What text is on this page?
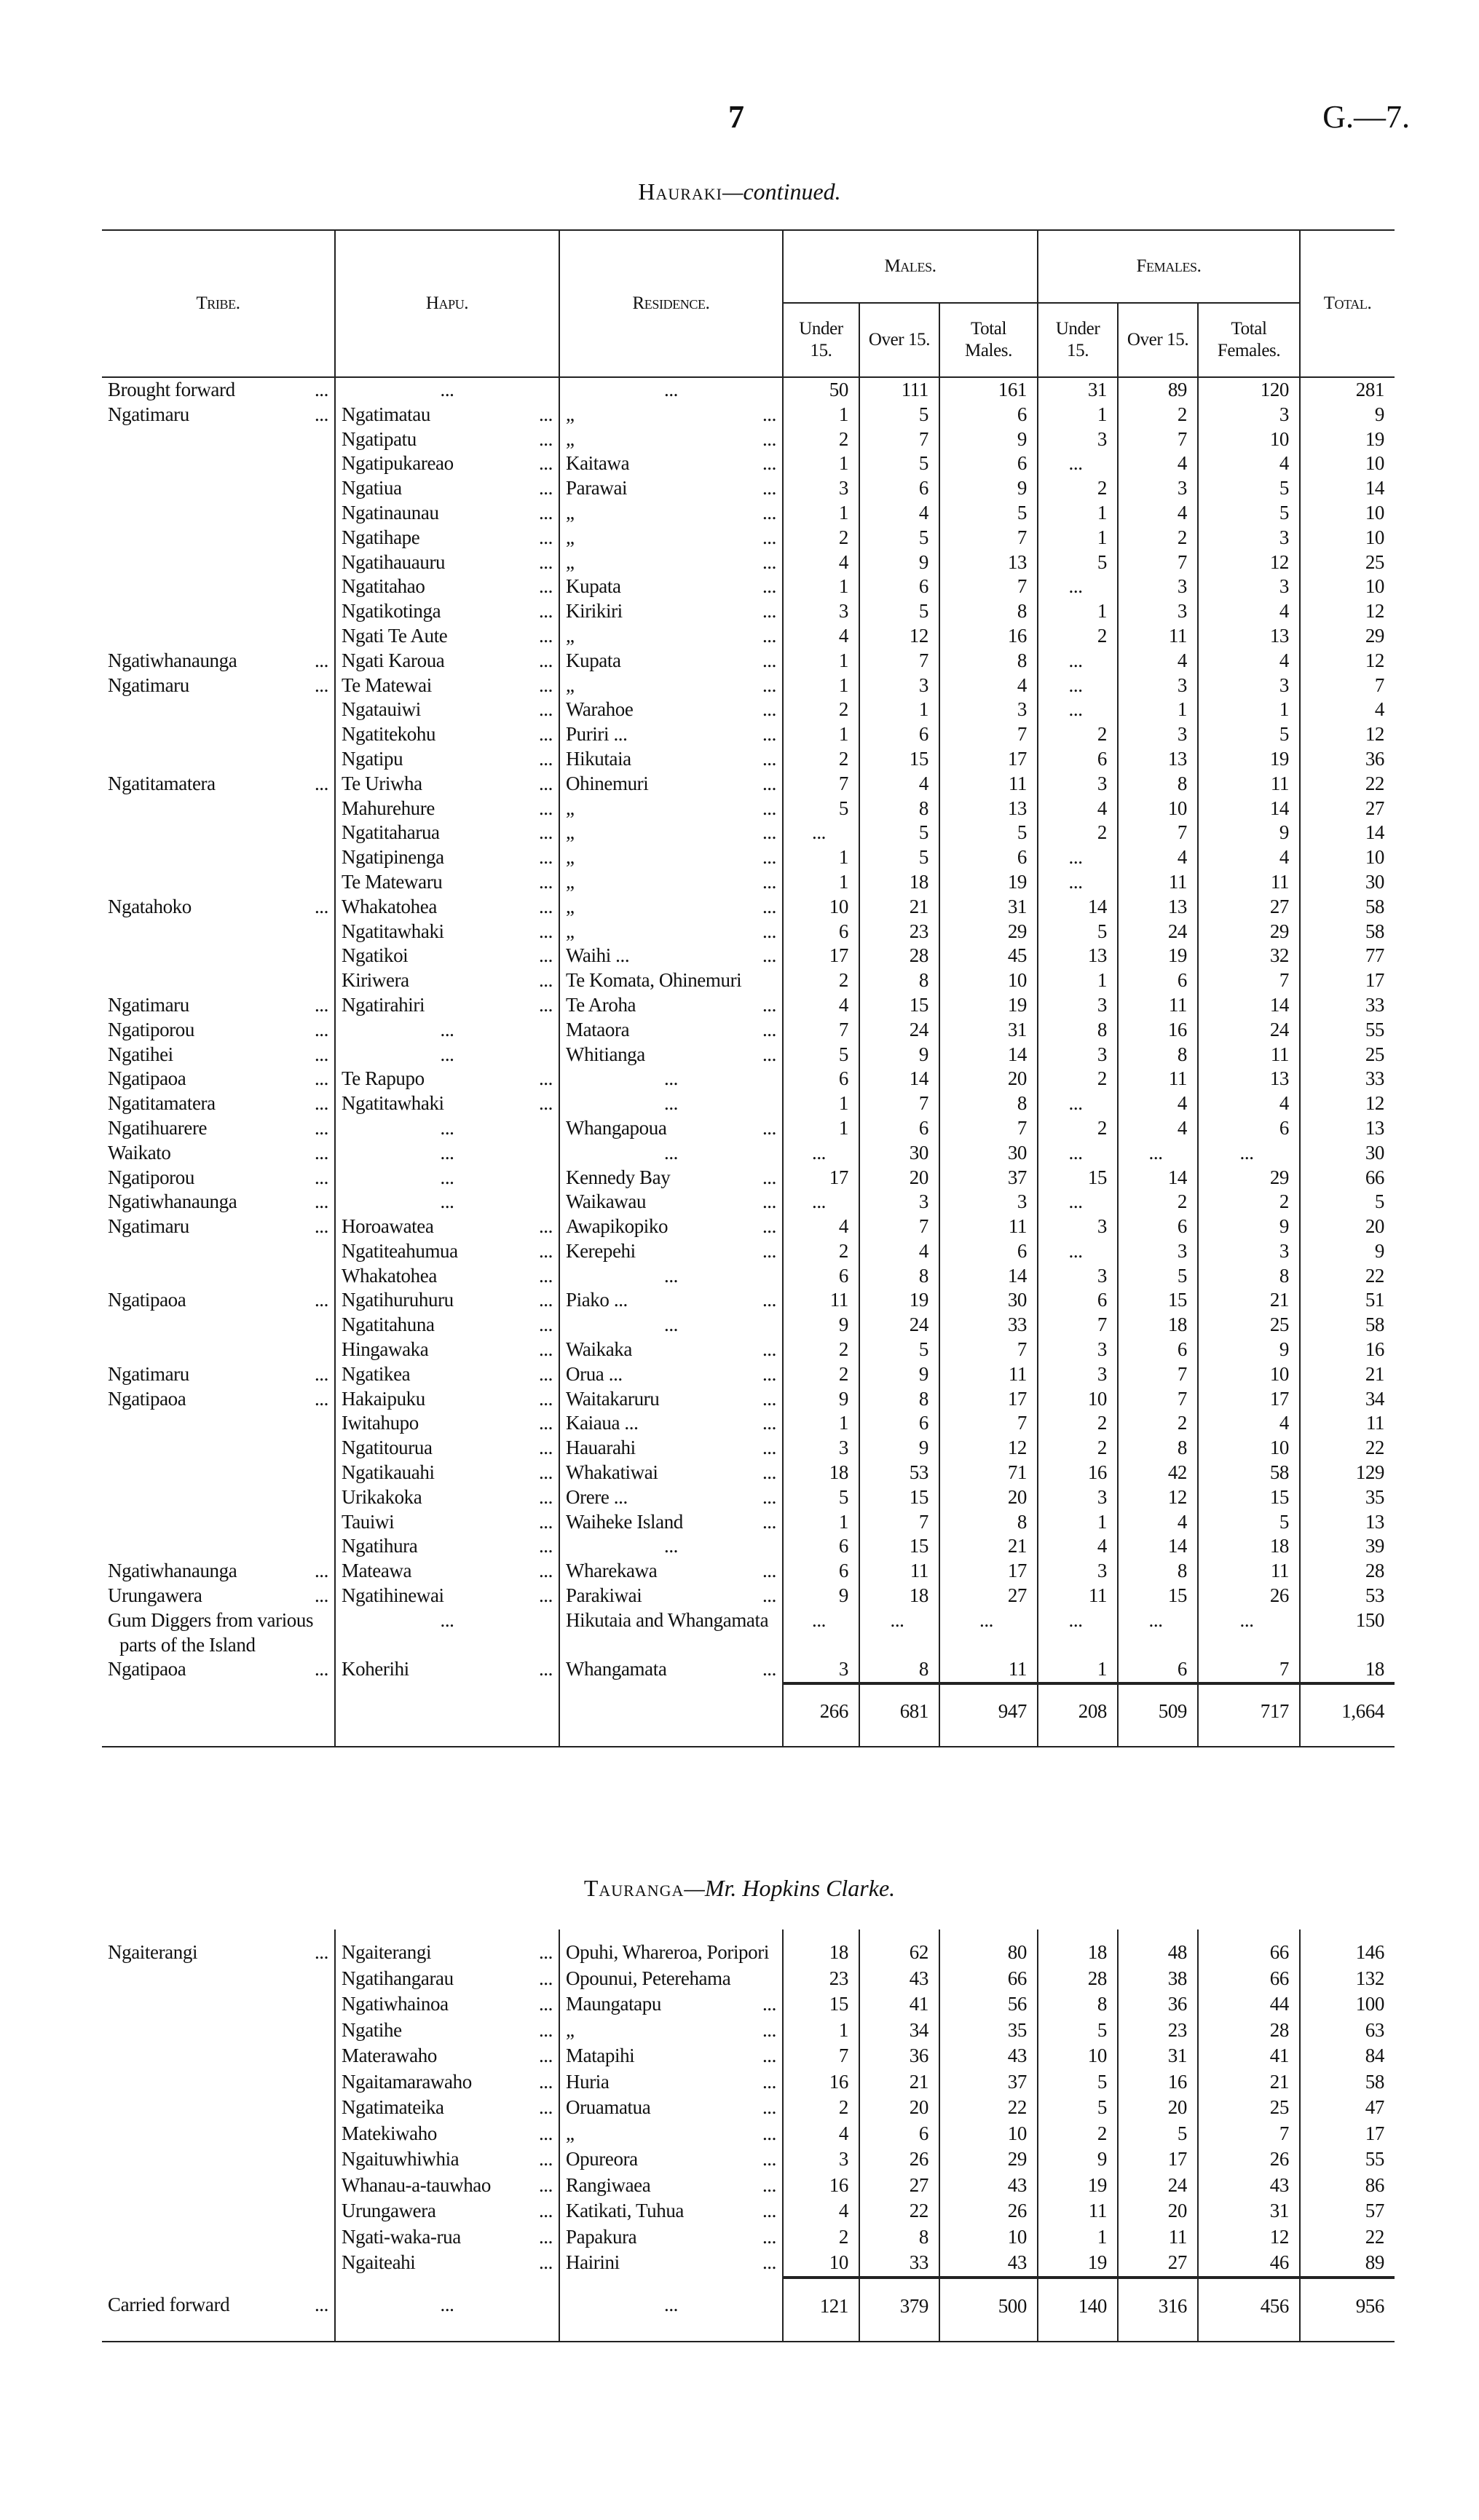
7	G.—7.
Hauraki—continued.
Tribe.	Hapu.	Residence.	Males.			Females.			Total.
			Under 15.	Over 15.	Total Males.	Under 15.	Over 15.	Total Females.	

Brought forward ...	...	...	50	111	161	31	89	120	281

Ngatimaru ...	Ngatimatau ...	„ ...	1	5	6	1	2	3	9

	Ngatipatu ...	„ ...	2	7	9	3	7	10	19

	Ngatipukareao ...	Kaitawa ...	1	5	6	...	4	4	10

	Ngatiua ...	Parawai ...	3	6	9	2	3	5	14

	Ngatinaunau ...	„ ...	1	4	5	1	4	5	10

	Ngatihape ...	„ ...	2	5	7	1	2	3	10

	Ngatihauauru ...	„ ...	4	9	13	5	7	12	25

	Ngatitahao ...	Kupata ...	1	6	7	...	3	3	10

	Ngatikotinga ...	Kirikiri ...	3	5	8	1	3	4	12

	Ngati Te Aute ...	„ ...	4	12	16	2	11	13	29

Ngatiwhanaunga ...	Ngati Karoua ...	Kupata ...	1	7	8	...	4	4	12

Ngatimaru ...	Te Matewai ...	„ ...	1	3	4	...	3	3	7

	Ngatauiwi ...	Warahoe ...	2	1	3	...	1	1	4

	Ngatitekohu ...	Puriri ... ...	1	6	7	2	3	5	12

	Ngatipu ...	Hikutaia ...	2	15	17	6	13	19	36

Ngatitamatera ...	Te Uriwha ...	Ohinemuri ...	7	4	11	3	8	11	22

	Mahurehure ...	„ ...	5	8	13	4	10	14	27

	Ngatitaharua ...	„ ...	...	5	5	2	7	9	14

	Ngatipinenga ...	„ ...	1	5	6	...	4	4	10

	Te Matewaru ...	„ ...	1	18	19	...	11	11	30

Ngatahoko ...	Whakatohea ...	„ ...	10	21	31	14	13	27	58

	Ngatitawhaki ...	„ ...	6	23	29	5	24	29	58

	Ngatikoi ...	Waihi ... ...	17	28	45	13	19	32	77

	Kiriwera ...	Te Komata, Ohinemuri	2	8	10	1	6	7	17

Ngatimaru ...	Ngatirahiri ...	Te Aroha ...	4	15	19	3	11	14	33

Ngatiporou ...	...	Mataora ...	7	24	31	8	16	24	55

Ngatihei ...	...	Whitianga ...	5	9	14	3	8	11	25

Ngatipaoa ...	Te Rapupo ...	...	6	14	20	2	11	13	33

Ngatitamatera ...	Ngatitawhaki ...	...	1	7	8	...	4	4	12

Ngatihuarere ...	...	Whangapoua ...	1	6	7	2	4	6	13

Waikato ...	...	...	...	30	30	...	...	...	30

Ngatiporou ...	...	Kennedy Bay ...	17	20	37	15	14	29	66

Ngatiwhanaunga ...	...	Waikawau ...	...	3	3	...	2	2	5

Ngatimaru ...	Horoawatea ...	Awapikopiko ...	4	7	11	3	6	9	20

	Ngatiteahumua ...	Kerepehi ...	2	4	6	...	3	3	9

	Whakatohea ...	...	6	8	14	3	5	8	22

Ngatipaoa ...	Ngatihuruhuru ...	Piako ... ...	11	19	30	6	15	21	51

	Ngatitahuna ...	...	9	24	33	7	18	25	58

	Hingawaka ...	Waikaka ...	2	5	7	3	6	9	16

Ngatimaru ...	Ngatikea ...	Orua ... ...	2	9	11	3	7	10	21

Ngatipaoa ...	Hakaipuku ...	Waitakaruru ...	9	8	17	10	7	17	34

	Iwitahupo ...	Kaiaua ... ...	1	6	7	2	2	4	11

	Ngatitourua ...	Hauarahi ...	3	9	12	2	8	10	22

	Ngatikauahi ...	Whakatiwai ...	18	53	71	16	42	58	129

	Urikakoka ...	Orere ... ...	5	15	20	3	12	15	35

	Tauiwi ...	Waiheke Island ...	1	7	8	1	4	5	13

	Ngatihura ...	...	6	15	21	4	14	18	39

Ngatiwhanaunga ...	Mateawa ...	Wharekawa ...	6	11	17	3	8	11	28

Urungawera ...	Ngatihinewai ...	Parakiwai ...	9	18	27	11	15	26	53
Gum Diggers from various parts of the Island	...	Hikutaia and Whangamata	...	...	...	...	...	...	150

Ngatipaoa ...	Koherihi ...	Whangamata ...	3	8	11	1	6	7	18
			266	681	947	208	509	717	1,664
Tauranga—Mr. Hopkins Clarke.

Ngaiterangi ...	Ngaiterangi ...	Opuhi, Whareroa, Poripori	18	62	80	18	48	66	146

	Ngatihangarau ...	Opounui, Peterehama	23	43	66	28	38	66	132

	Ngatiwhainoa ...	Maungatapu ...	15	41	56	8	36	44	100

	Ngatihe ...	„ ...	1	34	35	5	23	28	63

	Materawaho ...	Matapihi ...	7	36	43	10	31	41	84

	Ngaitamarawaho ...	Huria ...	16	21	37	5	16	21	58

	Ngatimateika ...	Oruamatua ...	2	20	22	5	20	25	47

	Matekiwaho ...	„ ...	4	6	10	2	5	7	17

	Ngaituwhiwhia ...	Opureora ...	3	26	29	9	17	26	55

	Whanau-a-tauwhao ...	Rangiwaea ...	16	27	43	19	24	43	86

	Urungawera ...	Katikati, Tuhua ...	4	22	26	11	20	31	57

	Ngati-waka-rua ...	Papakura ...	2	8	10	1	11	12	22

	Ngaiteahi ...	Hairini ...	10	33	43	19	27	46	89

Carried forward ...	...	...	121	379	500	140	316	456	956
